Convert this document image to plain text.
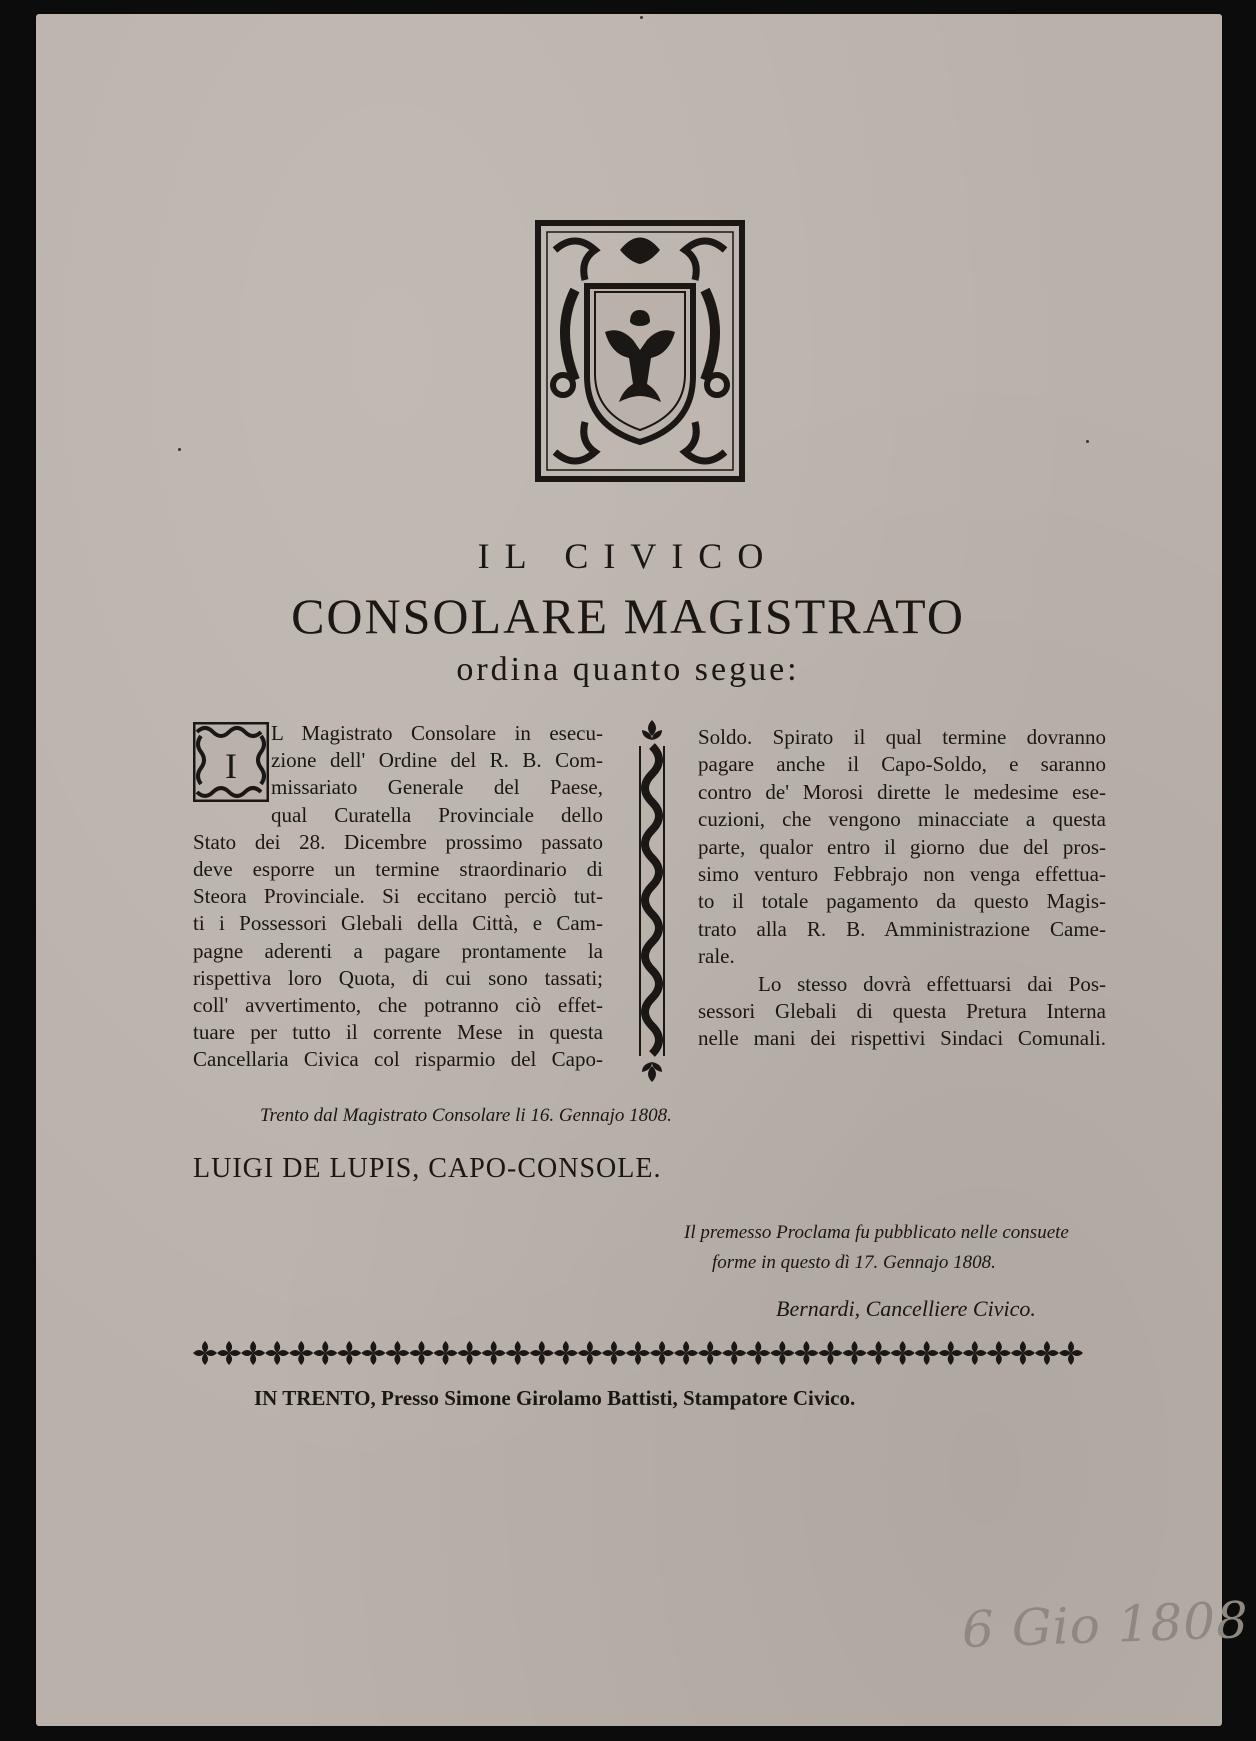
IL CIVICO
CONSOLARE MAGISTRATO
ordina quanto segue:
I
L Magistrato Consolare in esecu-
zione dell' Ordine del R. B. Com-
missariato Generale del Paese,
qual Curatella Provinciale dello
Stato dei 28. Dicembre prossimo passato
deve esporre un termine straordinario di
Steora Provinciale. Si eccitano perciò tut-
ti i Possessori Glebali della Città, e Cam-
pagne aderenti a pagare prontamente la
rispettiva loro Quota, di cui sono tassati;
coll' avvertimento, che potranno ciò effet-
tuare per tutto il corrente Mese in questa
Cancellaria Civica col risparmio del Capo-
Soldo. Spirato il qual termine dovranno
pagare anche il Capo-Soldo, e saranno
contro de' Morosi dirette le medesime ese-
cuzioni, che vengono minacciate a questa
parte, qualor entro il giorno due del pros-
simo venturo Febbrajo non venga effettua-
to il totale pagamento da questo Magis-
trato alla R. B. Amministrazione Came-
rale.
Lo stesso dovrà effettuarsi dai Pos-
sessori Glebali di questa Pretura Interna
nelle mani dei rispettivi Sindaci Comunali.
Trento dal Magistrato Consolare li 16. Gennajo 1808.
LUIGI DE LUPIS, CAPO-CONSOLE.
Il premesso Proclama fu pubblicato nelle consuete
forme in questo dì 17. Gennajo 1808.
Bernardi, Cancelliere Civico.
IN TRENTO, Presso Simone Girolamo Battisti, Stampatore Civico.
6 Gio 1808
